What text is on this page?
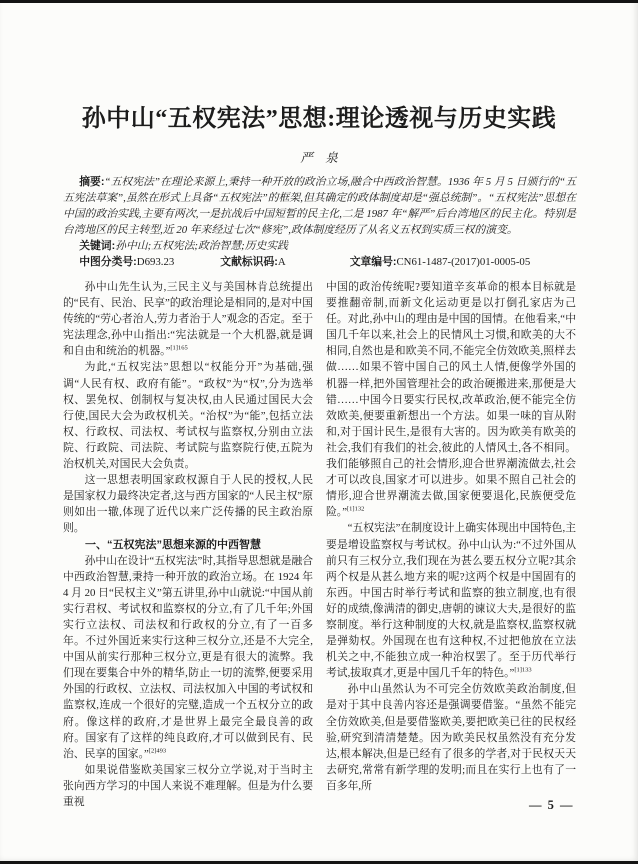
孙中山“五权宪法”思想:理论透视与历史实践
严　泉

摘要:“五权宪法”在理论来源上,秉持一种开放的政治立场,融合中西政治智慧。1936 年 5 月 5 日颁行的“五五宪法草案”,虽然在形式上具备“五权宪法”的框架,但其确定的政体制度却是“强总统制”。“五权宪法”思想在中国的政治实践,主要有两次,一是抗战后中国短暂的民主化,二是 1987 年“解严”后台湾地区的民主化。特别是台湾地区的民主转型,近 20 年来经过七次“修宪”,政体制度经历了从名义五权到实质三权的演变。

关键词:孙中山;五权宪法;政治智慧;历史实践

中图分类号:D693.23	文献标识码:A	文章编号:CN61-1487-(2017)01-0005-05

孙中山先生认为,三民主义与美国林肯总统提出的“民有、民治、民享”的政治理论是相同的,是对中国传统的“劳心者治人,劳力者治于人”观念的否定。至于宪法理念,孙中山指出:“宪法就是一个大机器,就是调和自由和统治的机器。”$^{[1]165}$

为此,“五权宪法”思想以“权能分开”为基础,强调“人民有权、政府有能”。“政权”为“权”,分为选举权、罢免权、创制权与复决权,由人民通过国民大会行使,国民大会为政权机关。“治权”为“能”,包括立法权、行政权、司法权、考试权与监察权,分别由立法院、行政院、司法院、考试院与监察院行使,五院为治权机关,对国民大会负责。

这一思想表明国家政权源自于人民的授权,人民是国家权力最终决定者,这与西方国家的“人民主权”原则如出一辙,体现了近代以来广泛传播的民主政治原则。

一、“五权宪法”思想来源的中西智慧

孙中山在设计“五权宪法”时,其指导思想就是融合中西政治智慧,秉持一种开放的政治立场。在 1924 年 4 月 20 日“民权主义”第五讲里,孙中山就说:“中国从前实行君权、考试权和监察权的分立,有了几千年;外国实行立法权、司法权和行政权的分立,有了一百多年。不过外国近来实行这种三权分立,还是不大完全,中国从前实行那种三权分立,更是有很大的流弊。我们现在要集合中外的精华,防止一切的流弊,便要采用外国的行政权、立法权、司法权加入中国的考试权和监察权,连成一个很好的完璧,造成一个五权分立的政府。像这样的政府,才是世界上最完全最良善的政府。国家有了这样的纯良政府,才可以做到民有、民治、民享的国家。”$^{[2]493}$

如果说借鉴欧美国家三权分立学说,对于当时主张向西方学习的中国人来说不难理解。但是为什么要重视

中国的政治传统呢?要知道辛亥革命的根本目标就是要推翻帝制,而新文化运动更是以打倒孔家店为己任。对此,孙中山的理由是中国的国情。在他看来,“中国几千年以来,社会上的民情风土习惯,和欧美的大不相同,自然也是和欧美不同,不能完全仿效欧美,照样去做……如果不管中国自己的风土人情,便像学外国的机器一样,把外国管理社会的政治硬搬进来,那便是大错……中国今日要实行民权,改革政治,便不能完全仿效欧美,便要重新想出一个方法。如果一味的盲从附和,对于国计民生,是很有大害的。因为欧美有欧美的社会,我们有我们的社会,彼此的人情风土,各不相同。我们能够照自己的社会情形,迎合世界潮流做去,社会才可以改良,国家才可以进步。如果不照自己社会的情形,迎合世界潮流去做,国家便要退化,民族便受危险。”$^{[1]132}$

“五权宪法”在制度设计上确实体现出中国特色,主要是增设监察权与考试权。孙中山认为:“不过外国从前只有三权分立,我们现在为甚么要五权分立呢?其余两个权是从甚么地方来的呢?这两个权是中国固有的东西。中国古时举行考试和监察的独立制度,也有很好的成绩,像满清的御史,唐朝的谏议大夫,是很好的监察制度。举行这种制度的大权,就是监察权,监察权就是弹劾权。外国现在也有这种权,不过把他放在立法机关之中,不能独立成一种治权罢了。至于历代举行考试,拔取真才,更是中国几千年的特色。”$^{[1]133}$

孙中山虽然认为不可完全仿效欧美政治制度,但是对于其中良善内容还是强调要借鉴。“虽然不能完全仿效欧美,但是要借鉴欧美,要把欧美已往的民权经验,研究到清清楚楚。因为欧美民权虽然没有充分发达,根本解决,但是已经有了很多的学者,对于民权天天去研究,常常有新学理的发明;而且在实行上也有了一百多年,所

— 5 —
